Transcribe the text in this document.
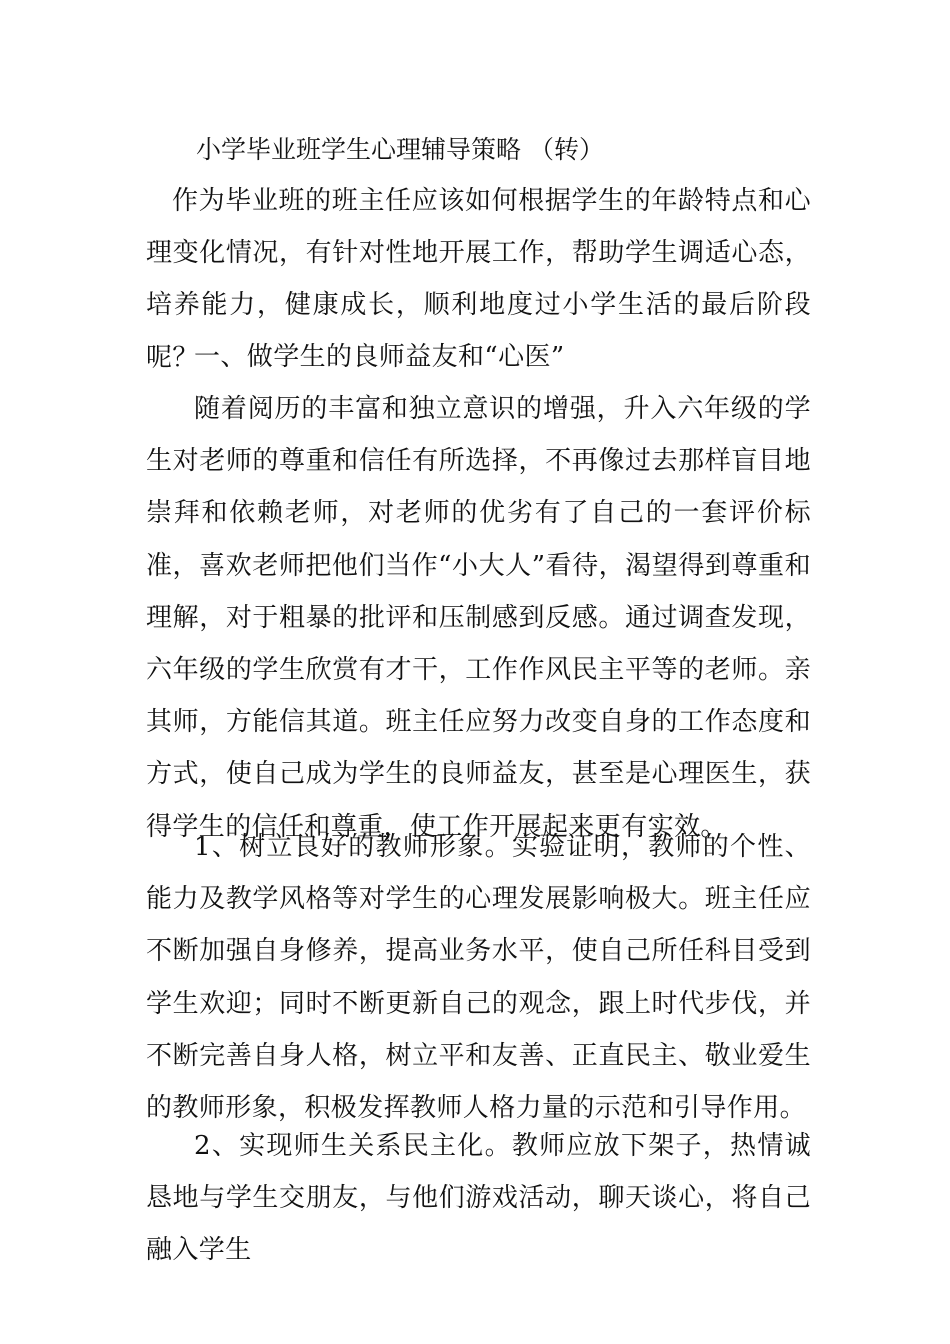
小学毕业班学生心理辅导策略 （转）

作为毕业班的班主任应该如何根据学生的年龄特点和心理变化情况，有针对性地开展工作，帮助学生调适心态，培养能力，健康成长，顺利地度过小学生活的最后阶段呢？

一、做学生的良师益友和“心医”

随着阅历的丰富和独立意识的增强，升入六年级的学生对老师的尊重和信任有所选择，不再像过去那样盲目地崇拜和依赖老师，对老师的优劣有了自己的一套评价标准，喜欢老师把他们当作“小大人”看待，渴望得到尊重和理解，对于粗暴的批评和压制感到反感。通过调查发现，六年级的学生欣赏有才干，工作作风民主平等的老师。亲其师，方能信其道。班主任应努力改变自身的工作态度和方式，使自己成为学生的良师益友，甚至是心理医生，获得学生的信任和尊重，使工作开展起来更有实效。

1、树立良好的教师形象。实验证明，教师的个性、能力及教学风格等对学生的心理发展影响极大。班主任应不断加强自身修养，提高业务水平，使自己所任科目受到学生欢迎；同时不断更新自己的观念，跟上时代步伐，并不断完善自身人格，树立平和友善、正直民主、敬业爱生的教师形象，积极发挥教师人格力量的示范和引导作用。

2、实现师生关系民主化。教师应放下架子，热情诚恳地与学生交朋友，与他们游戏活动，聊天谈心，将自己融入学生
